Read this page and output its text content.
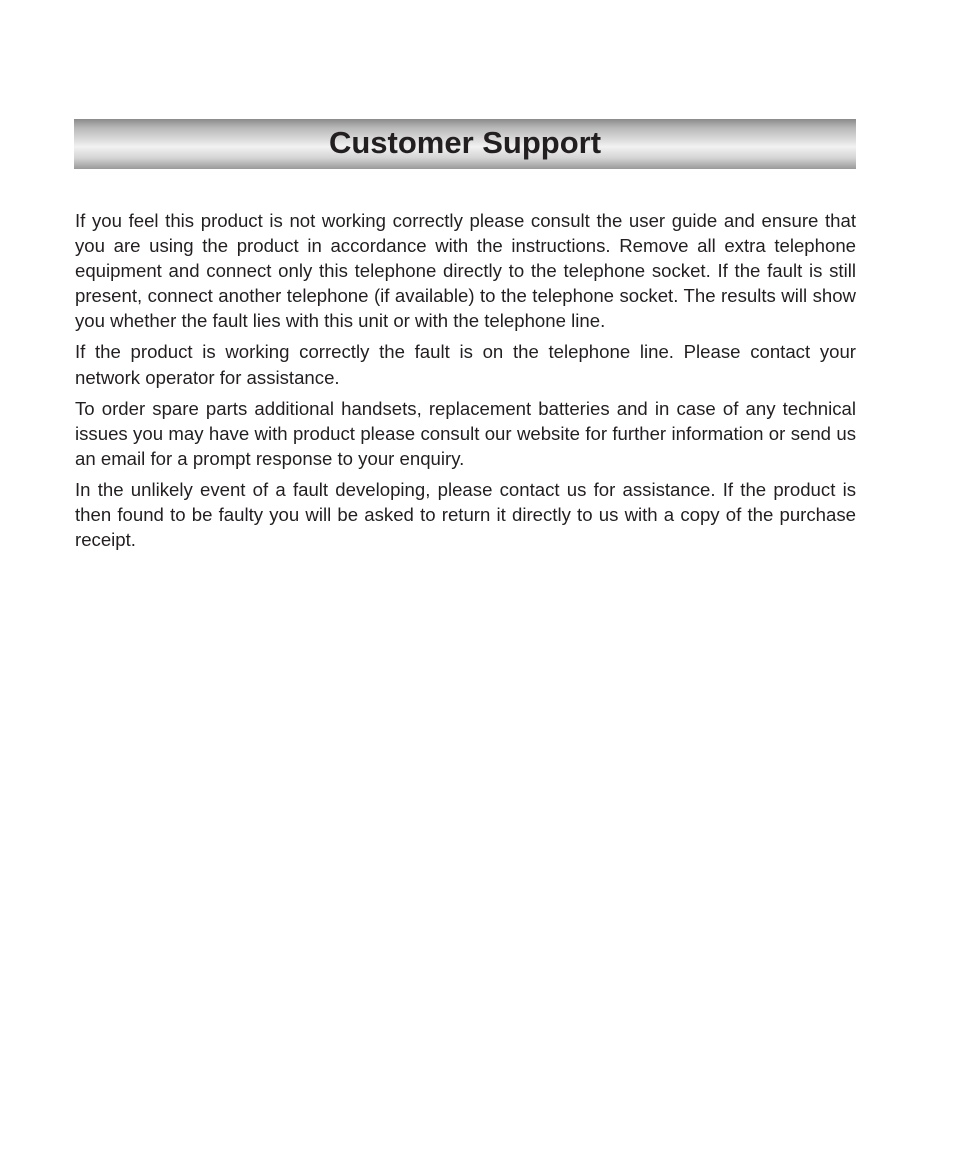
Customer Support

If you feel this product is not working correctly please consult the user guide and ensure that you are using the product in accordance with the instructions. Remove all extra telephone equipment and connect only this telephone directly to the telephone socket. If the fault is still present, connect another telephone (if available) to the telephone socket. The results will show you whether the fault lies with this unit or with the telephone line.

If the product is working correctly the fault is on the telephone line. Please contact your network operator for assistance.

To order spare parts additional handsets, replacement batteries and in case of any technical issues you may have with product please consult our website for further information or send us an email for a prompt response to your enquiry.

In the unlikely event of a fault developing, please contact us for assistance. If the product is then found to be faulty you will be asked to return it directly to us with a copy of the purchase receipt.
